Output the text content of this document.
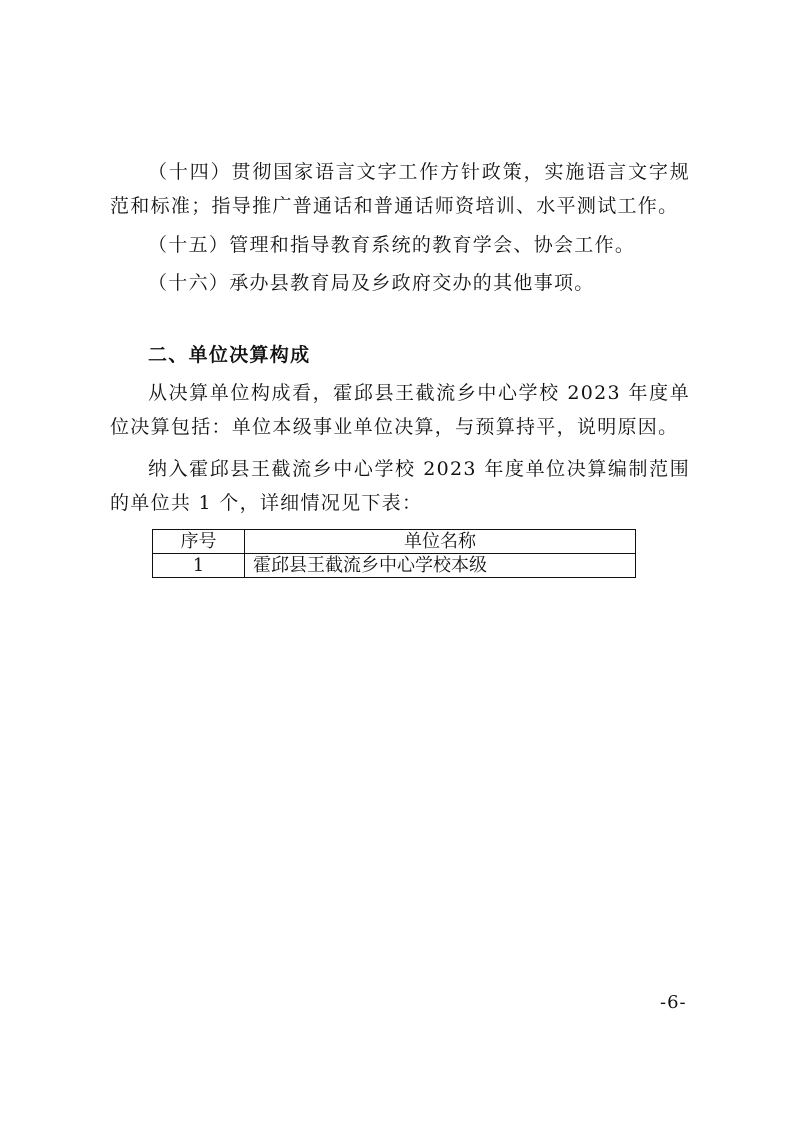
（十四）贯彻国家语言文字工作方针政策，实施语言文字规范和标准；指导推广普通话和普通话师资培训、水平测试工作。

（十五）管理和指导教育系统的教育学会、协会工作。

（十六）承办县教育局及乡政府交办的其他事项。

二、单位决算构成

从决算单位构成看，霍邱县王截流乡中心学校 2023 年度单位决算包括：单位本级事业单位决算，与预算持平，说明原因。

纳入霍邱县王截流乡中心学校 2023 年度单位决算编制范围的单位共 1 个，详细情况见下表：

序号	单位名称
1	霍邱县王截流乡中心学校本级
-6-
